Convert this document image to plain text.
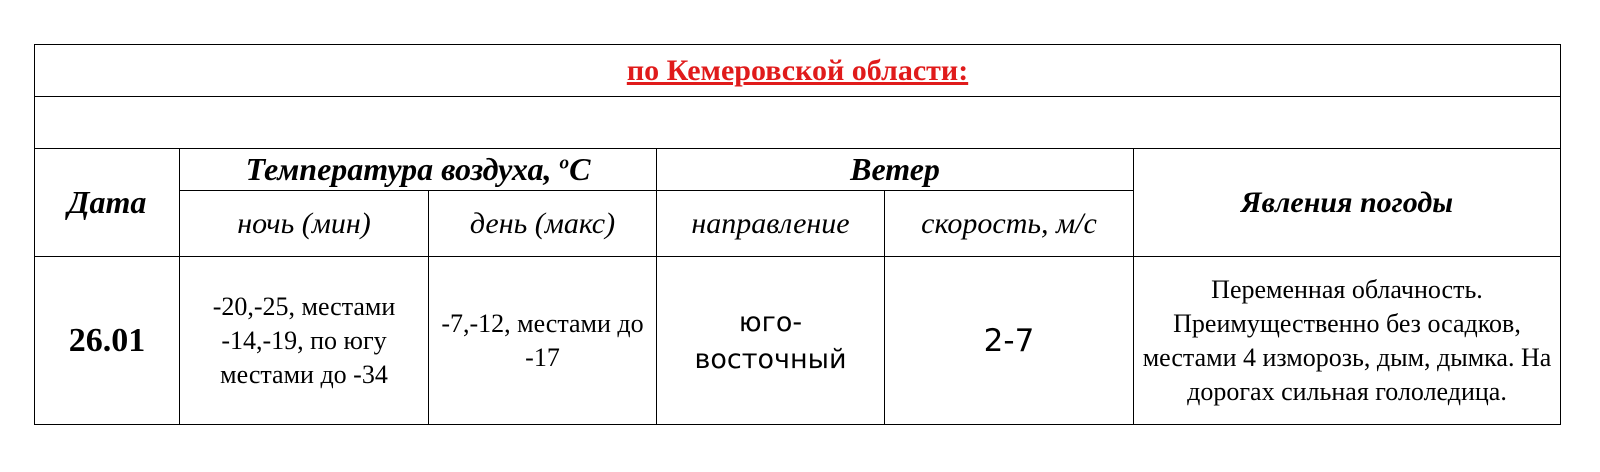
по Кемеровской области:					

Дата	Температура воздуха, $^о$С		Ветер		Явления погоды
	ночь (мин)	день (макс)	направление	скорость, м/с	
26.01	-20,-25, местами -14,-19, по югу местами до -34	-7,-12, местами до -17	юго-восточный	2-7	Переменная облачность. Преимущественно без осадков, местами 4 изморозь, дым, дымка. На дорогах сильная гололедица.
